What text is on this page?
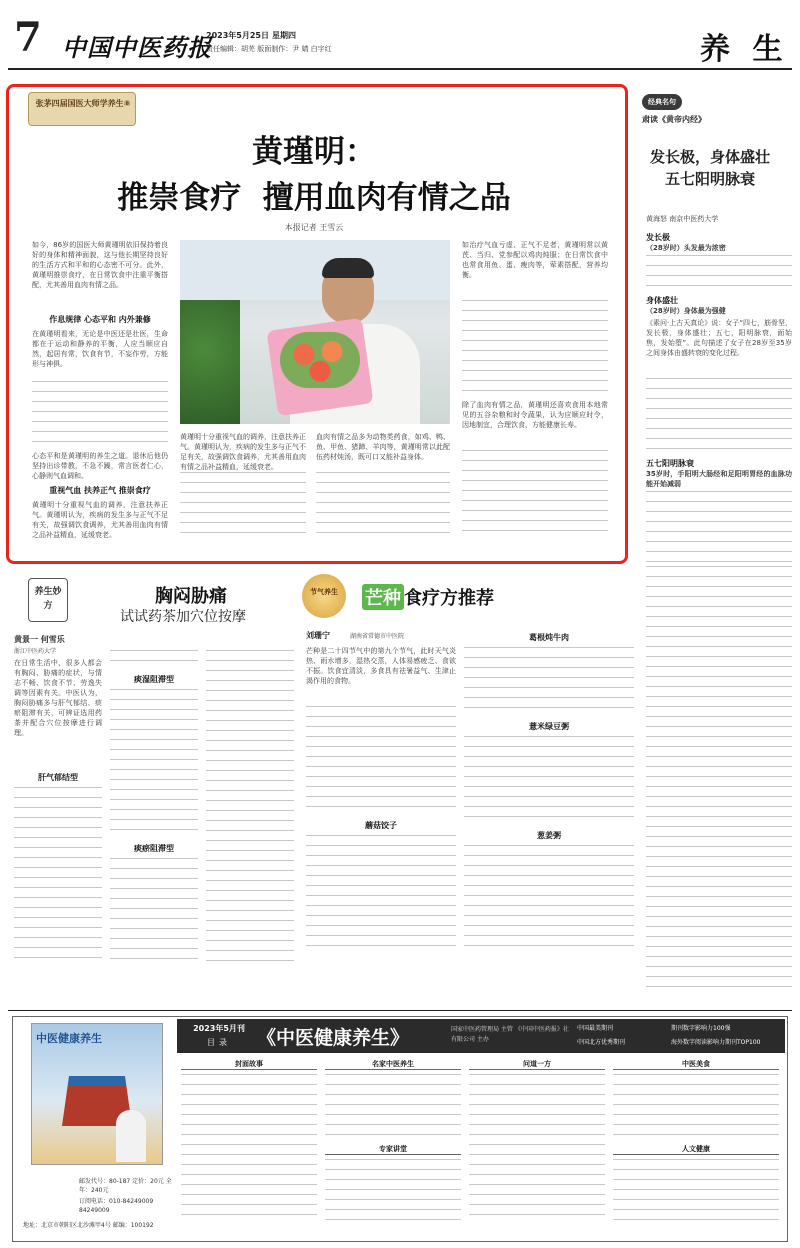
7 中国中医药报
2023年5月25日 星期四
责任编辑：胡芜 版面制作：尹 婧 白宇红	养 生
张茅四届国医大师学养生⑧
黄瑾明：
推崇食疗  擅用血肉有情之品
本报记者 王雪云
如今，86岁的国医大师黄瑾明依旧保持着良好的身体和精神面貌，这与他长期坚持良好的生活方式和平和的心态密不可分。此外，黄瑾明推崇食疗，在日常饮食中注重平衡搭配，尤其善用血肉有情之品。
作息规律 心态平和 内外兼修
在黄瑾明看来，无论是中医还是壮医，生命都在于运动和静养的平衡，人应当顺应自然，起居有常，饮食有节，不妄作劳，方能形与神俱。
心态平和是黄瑾明的养生之道。退休后他仍坚持出诊带教，不急不躁，常言医者仁心，心静则气血调和。
重视气血 扶养正气 推崇食疗
黄瑾明十分重视气血的调养，注意扶养正气。黄瑾明认为，疾病的发生多与正气不足有关，故强调饮食调养，尤其善用血肉有情之品补益精血，延缓衰老。
黄瑾明十分重视气血的调养，注意扶养正气。黄瑾明认为，疾病的发生多与正气不足有关，故强调饮食调养，尤其善用血肉有情之品补益精血，延缓衰老。
血肉有情之品多为动物类药食，如鸡、鸭、鱼、甲鱼、猪蹄、羊肉等，黄瑾明常以此配伍药材炖汤，既可口又能补益身体。
如治疗气血亏虚、正气不足者，黄瑾明常以黄芪、当归、党参配以鸡肉炖服；在日常饮食中也常食用鱼、蛋、瘦肉等，荤素搭配，营养均衡。
除了血肉有情之品，黄瑾明还喜欢食用本地常见的五谷杂粮和时令蔬果，认为应顺应时令，因地制宜，合理饮食，方能健康长寿。
经典名句
肃读《黄帝内经》
发长极，身体盛壮
五七阳明脉衰
黄海怒 南京中医药大学
发长极
（28岁时）头发最为浓密
身体盛壮
（28岁时）身体最为强健
《素问·上古天真论》说：女子“四七，筋骨坚，发长极，身体盛壮；五七，阳明脉衰，面始焦，发始堕”。此句描述了女子在28岁至35岁之间身体由盛转衰的变化过程。
五七阳明脉衰
35岁时，手阳明大肠经和足阳明胃经的血脉功能开始减弱
养生妙方	胸闷胁痛
试试药茶加穴位按摩
黄景一 何雪乐
浙江中医药大学
在日常生活中，很多人都会有胸闷、胁痛的症状，与情志不畅、饮食不节、劳逸失调等因素有关。中医认为，胸闷胁痛多与肝气郁结、痰瘀阻滞有关，可辨证选用药茶并配合穴位按摩进行调理。
肝气郁结型
痰湿阻滞型
痰瘀阻滞型
节气养生 芒种 食疗方推荐
刘珊宁	湖南省常德市中医院
芒种是二十四节气中的第九个节气，此时天气炎热、雨水增多，湿热交蒸，人体易感疲乏、食欲不振。饮食宜清淡，多食具有祛暑益气、生津止渴作用的食物。
蘑菇饺子
葛根炖牛肉
薏米绿豆粥
葱姜粥
中医健康养生
邮发代号：80-187 定价：20元 全年：240元
订阅电话：010-84249009 84249009
地址：北京市朝阳区北沙滩甲4号 邮编：100192
2023年5月刊
目录	《中医健康养生》	国家中医药管理局 主管 《中国中医药报》社有限公司 主办
中国最美期刊	期刊数字影响力100强
中国北方优秀期刊	海外数字阅读影响力期刊TOP100
封面故事	名家中医养生
专家讲堂
问道一方	中医美食
人文健康
